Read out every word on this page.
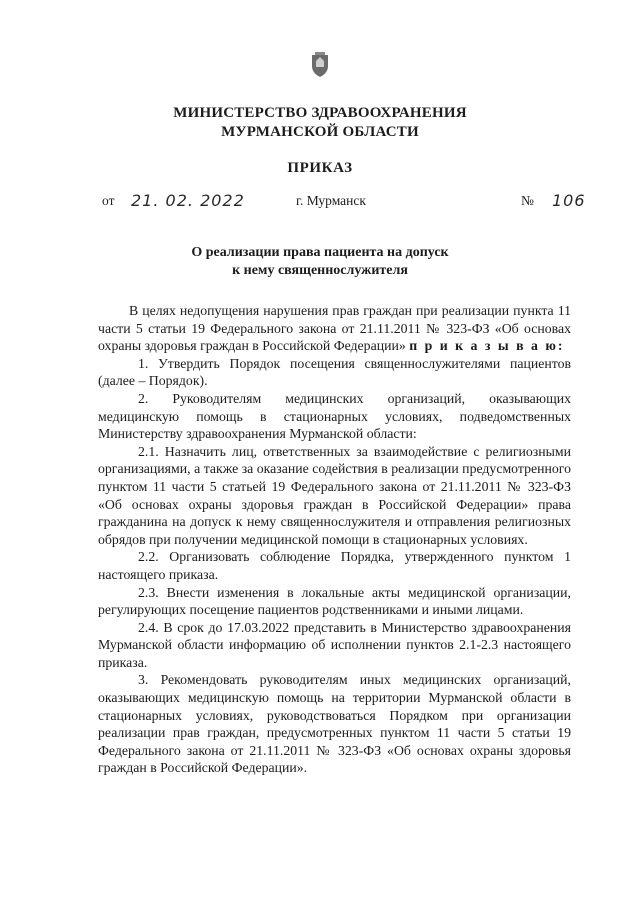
МИНИСТЕРСТВО ЗДРАВООХРАНЕНИЯ
МУРМАНСКОЙ ОБЛАСТИ
ПРИКАЗ
от 21. 02. 2022	г. Мурманск	№ 106
О реализации права пациента на допуск
к нему священнослужителя

В целях недопущения нарушения прав граждан при реализации пункта 11 части 5 статьи 19 Федерального закона от 21.11.2011 № 323-ФЗ «Об основах охраны здоровья граждан в Российской Федерации» п р и к а з ы в а ю:

1. Утвердить Порядок посещения священнослужителями пациентов (далее – Порядок).

2. Руководителям медицинских организаций, оказывающих медицинскую помощь в стационарных условиях, подведомственных Министерству здравоохранения Мурманской области:

2.1. Назначить лиц, ответственных за взаимодействие с религиозными организациями, а также за оказание содействия в реализации предусмотренного пунктом 11 части 5 статьей 19 Федерального закона от 21.11.2011 № 323-ФЗ «Об основах охраны здоровья граждан в Российской Федерации» права гражданина на допуск к нему священнослужителя и отправления религиозных обрядов при получении медицинской помощи в стационарных условиях.

2.2. Организовать соблюдение Порядка, утвержденного пунктом 1 настоящего приказа.

2.3. Внести изменения в локальные акты медицинской организации, регулирующих посещение пациентов родственниками и иными лицами.

2.4. В срок до 17.03.2022 представить в Министерство здравоохранения Мурманской области информацию об исполнении пунктов 2.1-2.3 настоящего приказа.

3. Рекомендовать руководителям иных медицинских организаций, оказывающих медицинскую помощь на территории Мурманской области в стационарных условиях, руководствоваться Порядком при организации реализации прав граждан, предусмотренных пунктом 11 части 5 статьи 19 Федерального закона от 21.11.2011 № 323-ФЗ «Об основах охраны здоровья граждан в Российской Федерации».
